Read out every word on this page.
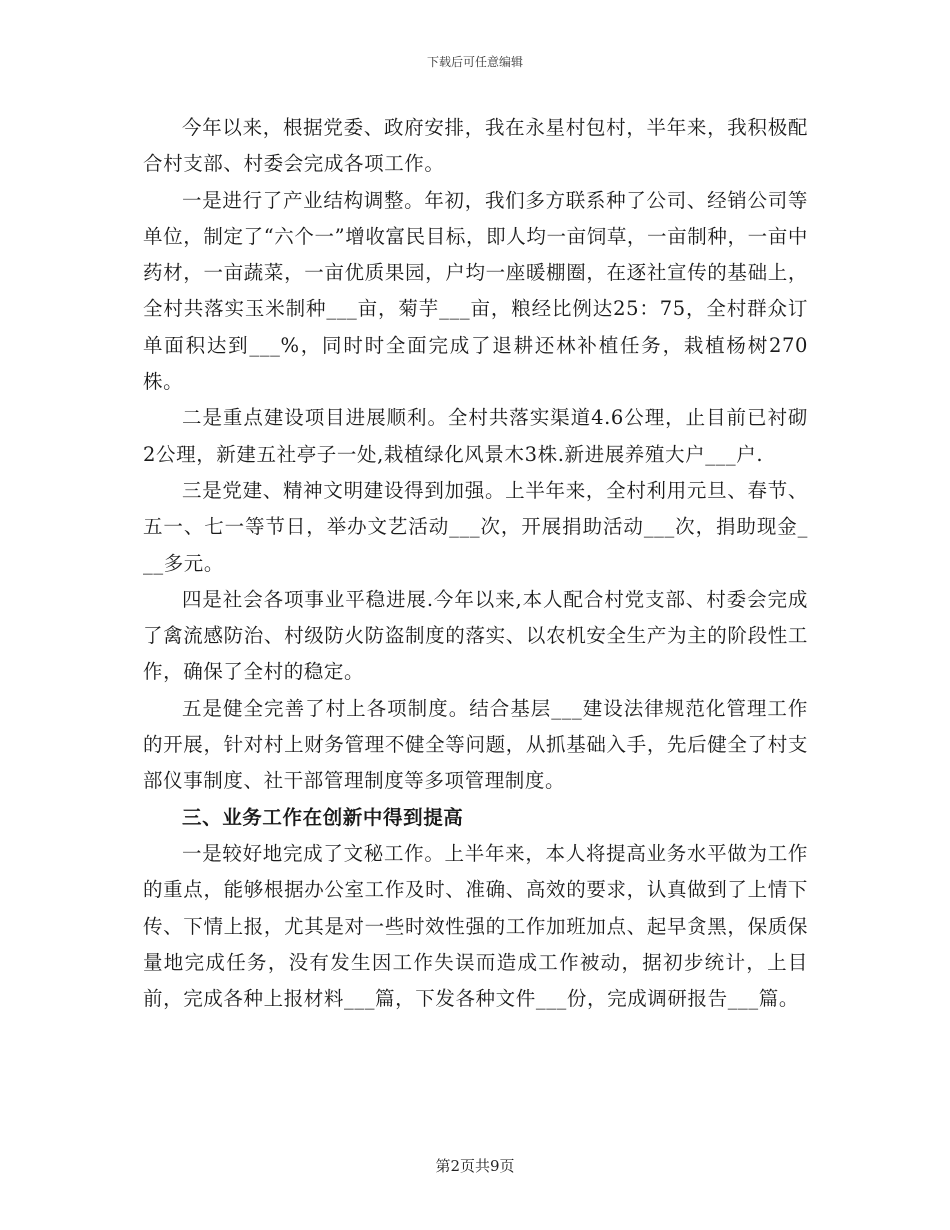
下载后可任意编辑

今年以来，根据党委、政府安排，我在永星村包村，半年来，我积极配合村支部、村委会完成各项工作。

一是进行了产业结构调整。年初，我们多方联系种了公司、经销公司等单位，制定了“六个一”增收富民目标，即人均一亩饲草，一亩制种，一亩中药材，一亩蔬菜，一亩优质果园，户均一座暖棚圈，在逐社宣传的基础上，全村共落实玉米制种___亩，菊芋___亩，粮经比例达25：75，全村群众订单面积达到___%，同时时全面完成了退耕还林补植任务，栽植杨树270株。

二是重点建设项目进展顺利。全村共落实渠道4.6公理，止目前已衬砌2公理，新建五社亭子一处,栽植绿化风景木3株.新进展养殖大户___户.

三是党建、精神文明建设得到加强。上半年来，全村利用元旦、春节、五一、七一等节日，举办文艺活动___次，开展捐助活动___次，捐助现金___多元。

四是社会各项事业平稳进展.今年以来,本人配合村党支部、村委会完成了禽流感防治、村级防火防盗制度的落实、以农机安全生产为主的阶段性工作，确保了全村的稳定。

五是健全完善了村上各项制度。结合基层___建设法律规范化管理工作的开展，针对村上财务管理不健全等问题，从抓基础入手，先后健全了村支部仪事制度、社干部管理制度等多项管理制度。

三、业务工作在创新中得到提高

一是较好地完成了文秘工作。上半年来，本人将提高业务水平做为工作的重点，能够根据办公室工作及时、准确、高效的要求，认真做到了上情下传、下情上报，尤其是对一些时效性强的工作加班加点、起早贪黑，保质保量地完成任务，没有发生因工作失误而造成工作被动，据初步统计，上目前，完成各种上报材料___篇，下发各种文件___份，完成调研报告___篇。

第2页共9页
